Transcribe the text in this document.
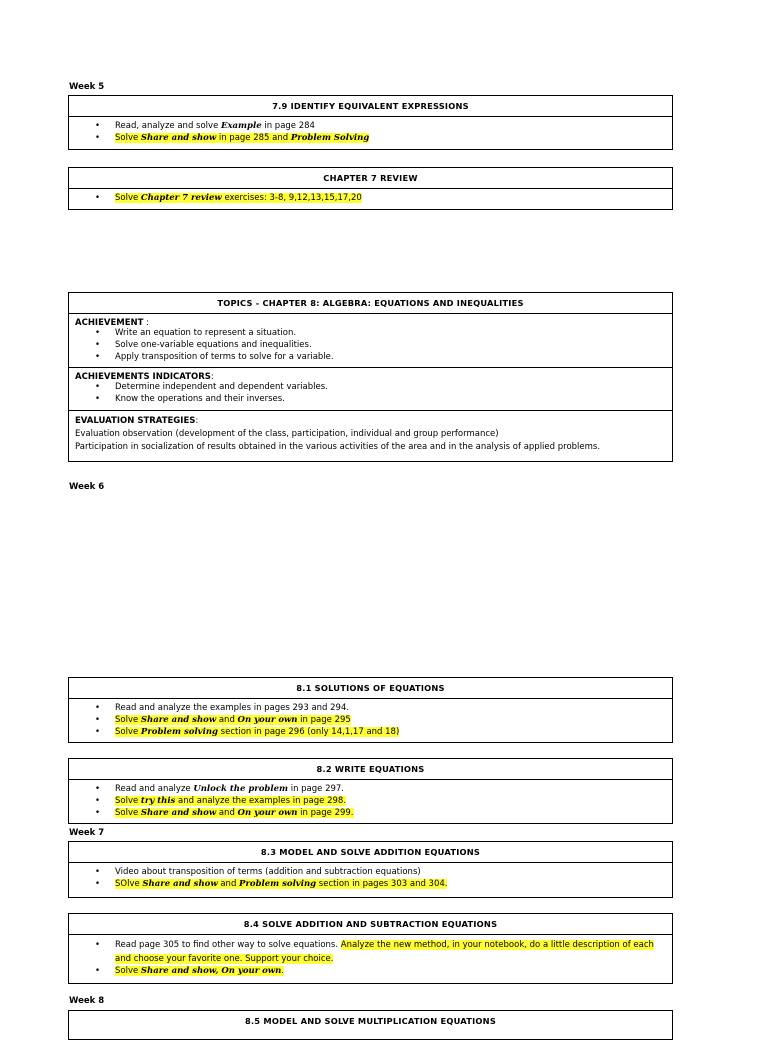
Week 5
7.9 IDENTIFY EQUIVALENT EXPRESSIONS
• Read, analyze and solve Example in page 284
• Solve Share and show in page 285 and Problem Solving
CHAPTER 7 REVIEW
• Solve Chapter 7 review exercises: 3-8, 9,12,13,15,17,20
TOPICS - CHAPTER 8: ALGEBRA: EQUATIONS AND INEQUALITIES
ACHIEVEMENT :
• Write an equation to represent a situation.
• Solve one-variable equations and inequalities.
• Apply transposition of terms to solve for a variable.
ACHIEVEMENTS INDICATORS:
• Determine independent and dependent variables.
• Know the operations and their inverses.
EVALUATION STRATEGIES:
Evaluation observation (development of the class, participation, individual and group performance)
Participation in socialization of results obtained in the various activities of the area and in the analysis of applied problems.
Week 6
8.1 SOLUTIONS OF EQUATIONS
• Read and analyze the examples in pages 293 and 294.
• Solve Share and show and On your own in page 295
• Solve Problem solving section in page 296 (only 14,1,17 and 18)
8.2 WRITE EQUATIONS
• Read and analyze Unlock the problem in page 297.
• Solve try this and analyze the examples in page 298.
• Solve Share and show and On your own in page 299.
Week 7
8.3 MODEL AND SOLVE ADDITION EQUATIONS
• Video about transposition of terms (addition and subtraction equations)
• SOlve Share and show and Problem solving section in pages 303 and 304.
8.4 SOLVE ADDITION AND SUBTRACTION EQUATIONS
• Read page 305 to find other way to solve equations. Analyze the new method, in your notebook, do a little description of each and choose your favorite one. Support your choice.
• Solve Share and show, On your own.
Week 8
8.5 MODEL AND SOLVE MULTIPLICATION EQUATIONS
